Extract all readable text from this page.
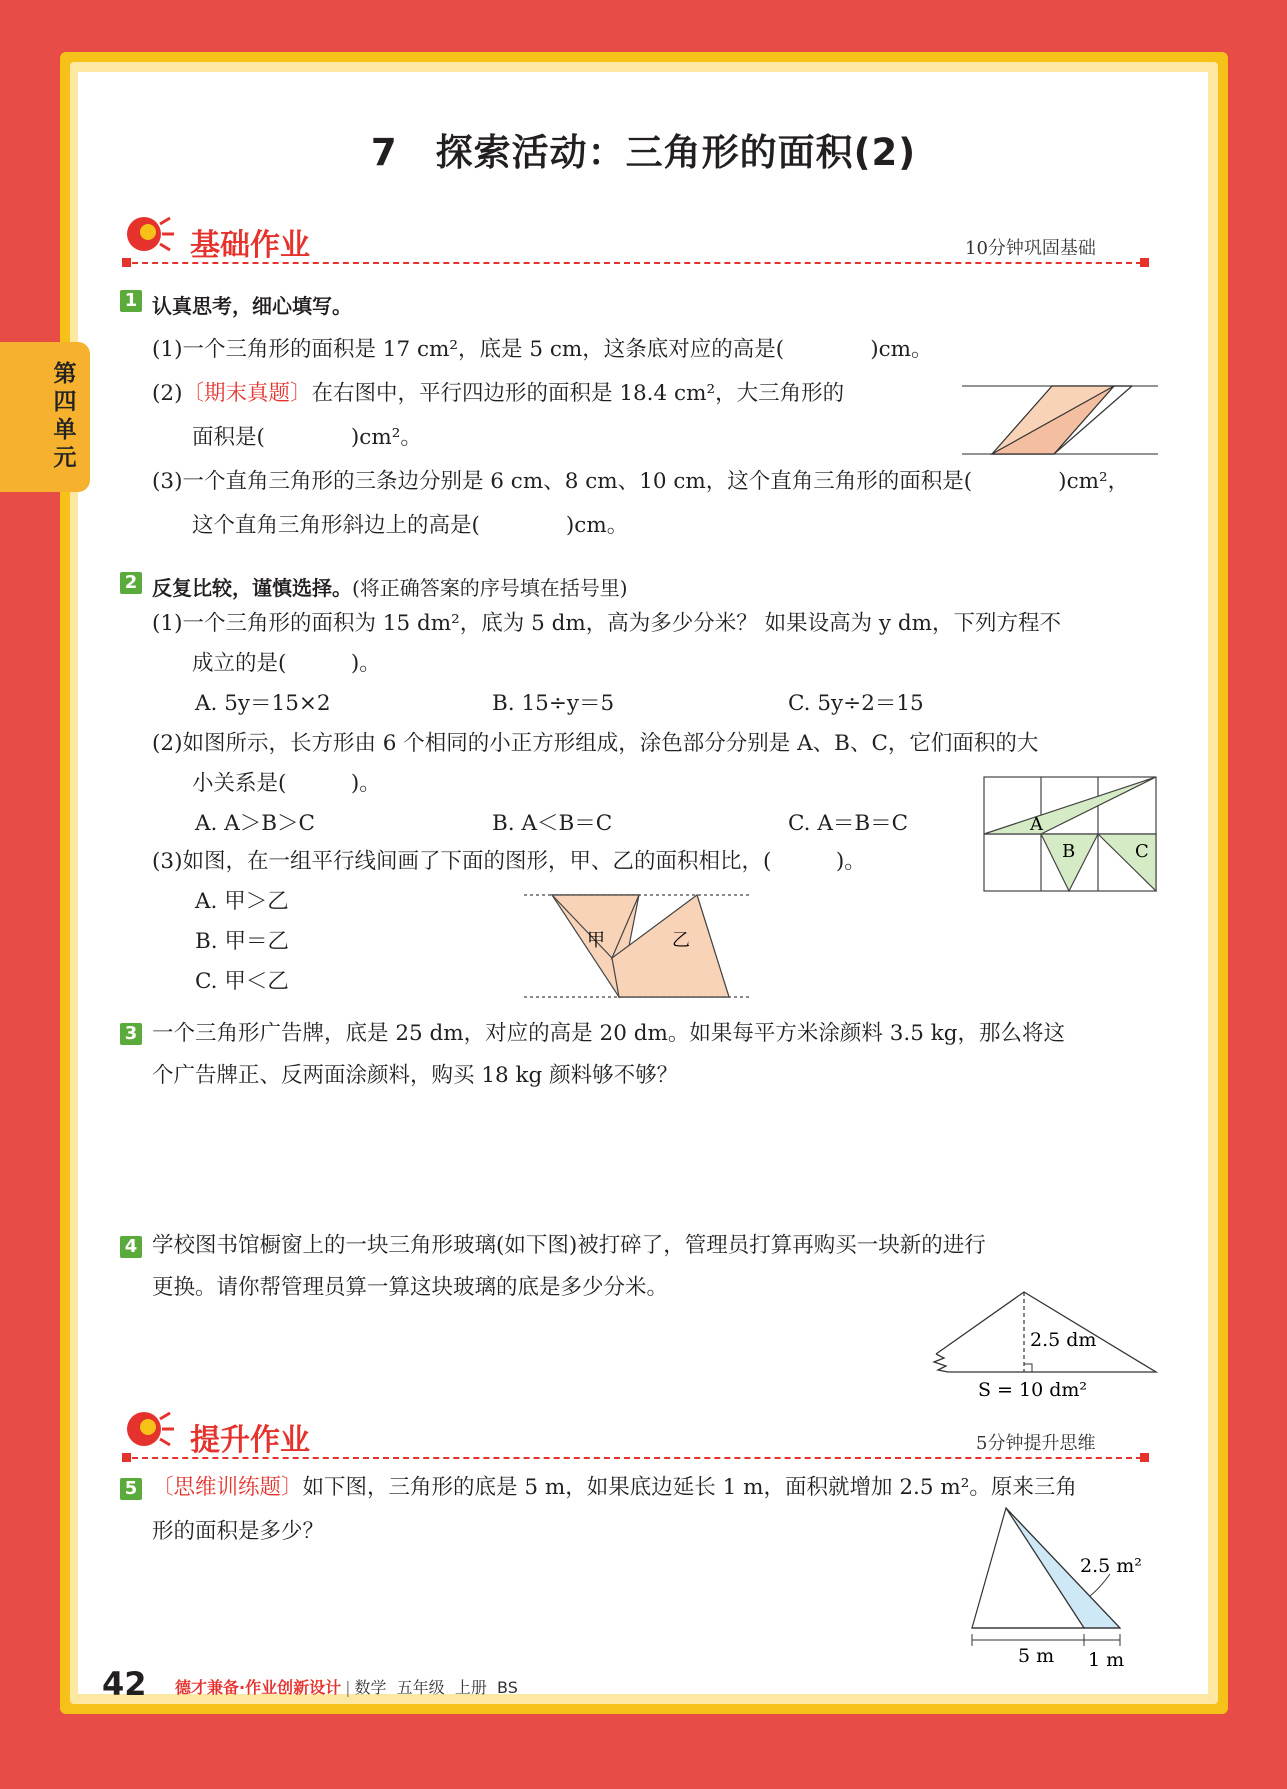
第四单元
7　探索活动：三角形的面积(2)
基础作业	10分钟巩固基础
1 认真思考，细心填写。
(1)一个三角形的面积是 17 cm²，底是 5 cm，这条底对应的高是(　　　　)cm。
(2)〔期末真题〕在右图中，平行四边形的面积是 18.4 cm²，大三角形的
面积是(　　　　)cm²。
(3)一个直角三角形的三条边分别是 6 cm、8 cm、10 cm，这个直角三角形的面积是(　　　　)cm²，
这个直角三角形斜边上的高是(　　　　)cm。
2 反复比较，谨慎选择。(将正确答案的序号填在括号里)
(1)一个三角形的面积为 15 dm²，底为 5 dm，高为多少分米？ 如果设高为 y dm，下列方程不
成立的是(　　　)。
A. 5y＝15×2	B. 15÷y＝5	C. 5y÷2＝15
(2)如图所示，长方形由 6 个相同的小正方形组成，涂色部分分别是 A、B、C，它们面积的大
小关系是(　　　)。
A. A＞B＞C	B. A＜B＝C	C. A＝B＝C	A
B	C
(3)如图，在一组平行线间画了下面的图形，甲、乙的面积相比，(　　　)。
A. 甲＞乙
B. 甲＝乙
C. 甲＜乙
甲	乙
3 一个三角形广告牌，底是 25 dm，对应的高是 20 dm。如果每平方米涂颜料 3.5 kg，那么将这
个广告牌正、反两面涂颜料，购买 18 kg 颜料够不够？
4 学校图书馆橱窗上的一块三角形玻璃(如下图)被打碎了，管理员打算再购买一块新的进行
更换。请你帮管理员算一算这块玻璃的底是多少分米。
2.5 dm
S = 10 dm²
提升作业	5分钟提升思维
5 〔思维训练题〕如下图，三角形的底是 5 m，如果底边延长 1 m，面积就增加 2.5 m²。原来三角
形的面积是多少？
2.5 m²
5 m 1 m
42 德才兼备·作业创新设计 | 数学 五年级 上册 BS
